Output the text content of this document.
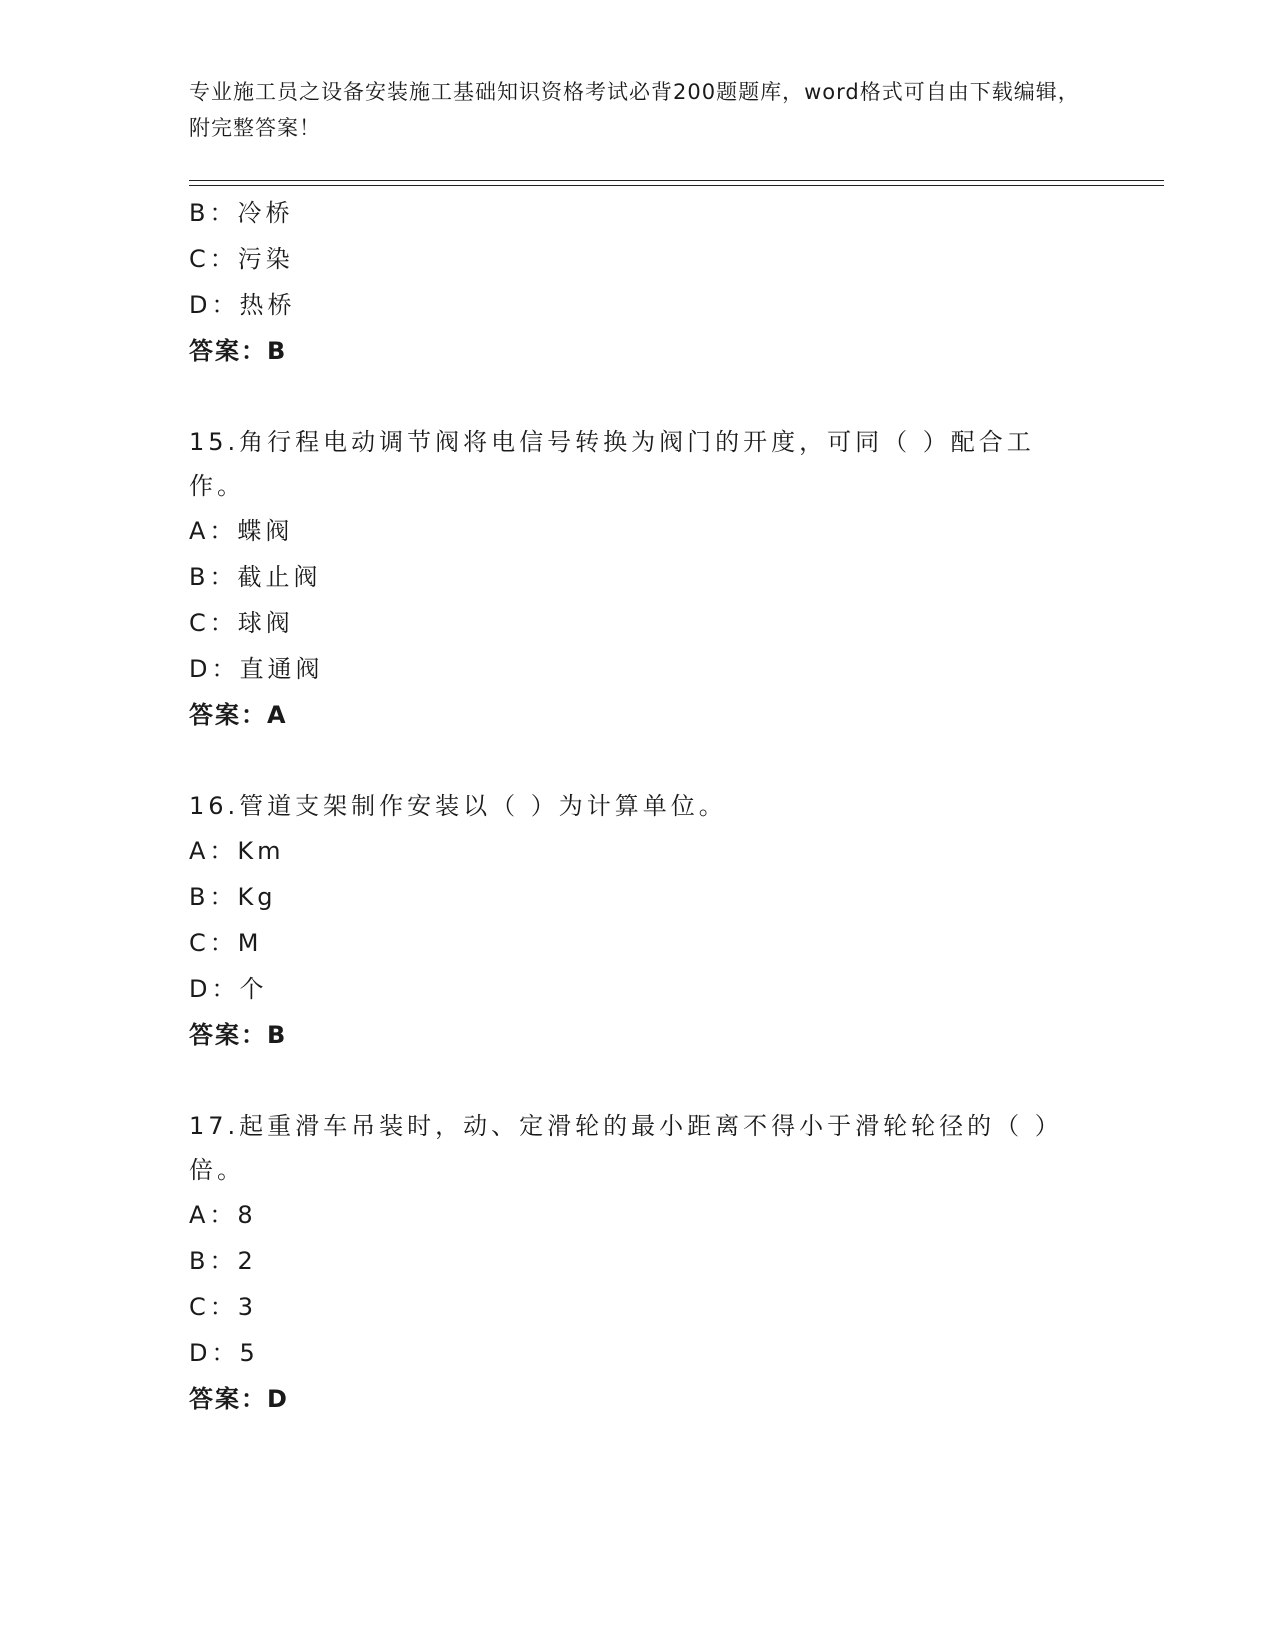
专业施工员之设备安装施工基础知识资格考试必背200题题库，word格式可自由下载编辑，附完整答案！
B：冷桥
C：污染
D：热桥
答案：B
15.角行程电动调节阀将电信号转换为阀门的开度，可同（ ）配合工作。
A：蝶阀
B：截止阀
C：球阀
D：直通阀
答案：A
16.管道支架制作安装以（ ）为计算单位。
A：Km
B：Kg
C：M
D：个
答案：B
17.起重滑车吊装时，动、定滑轮的最小距离不得小于滑轮轮径的（ ）倍。
A：8
B：2
C：3
D：5
答案：D
